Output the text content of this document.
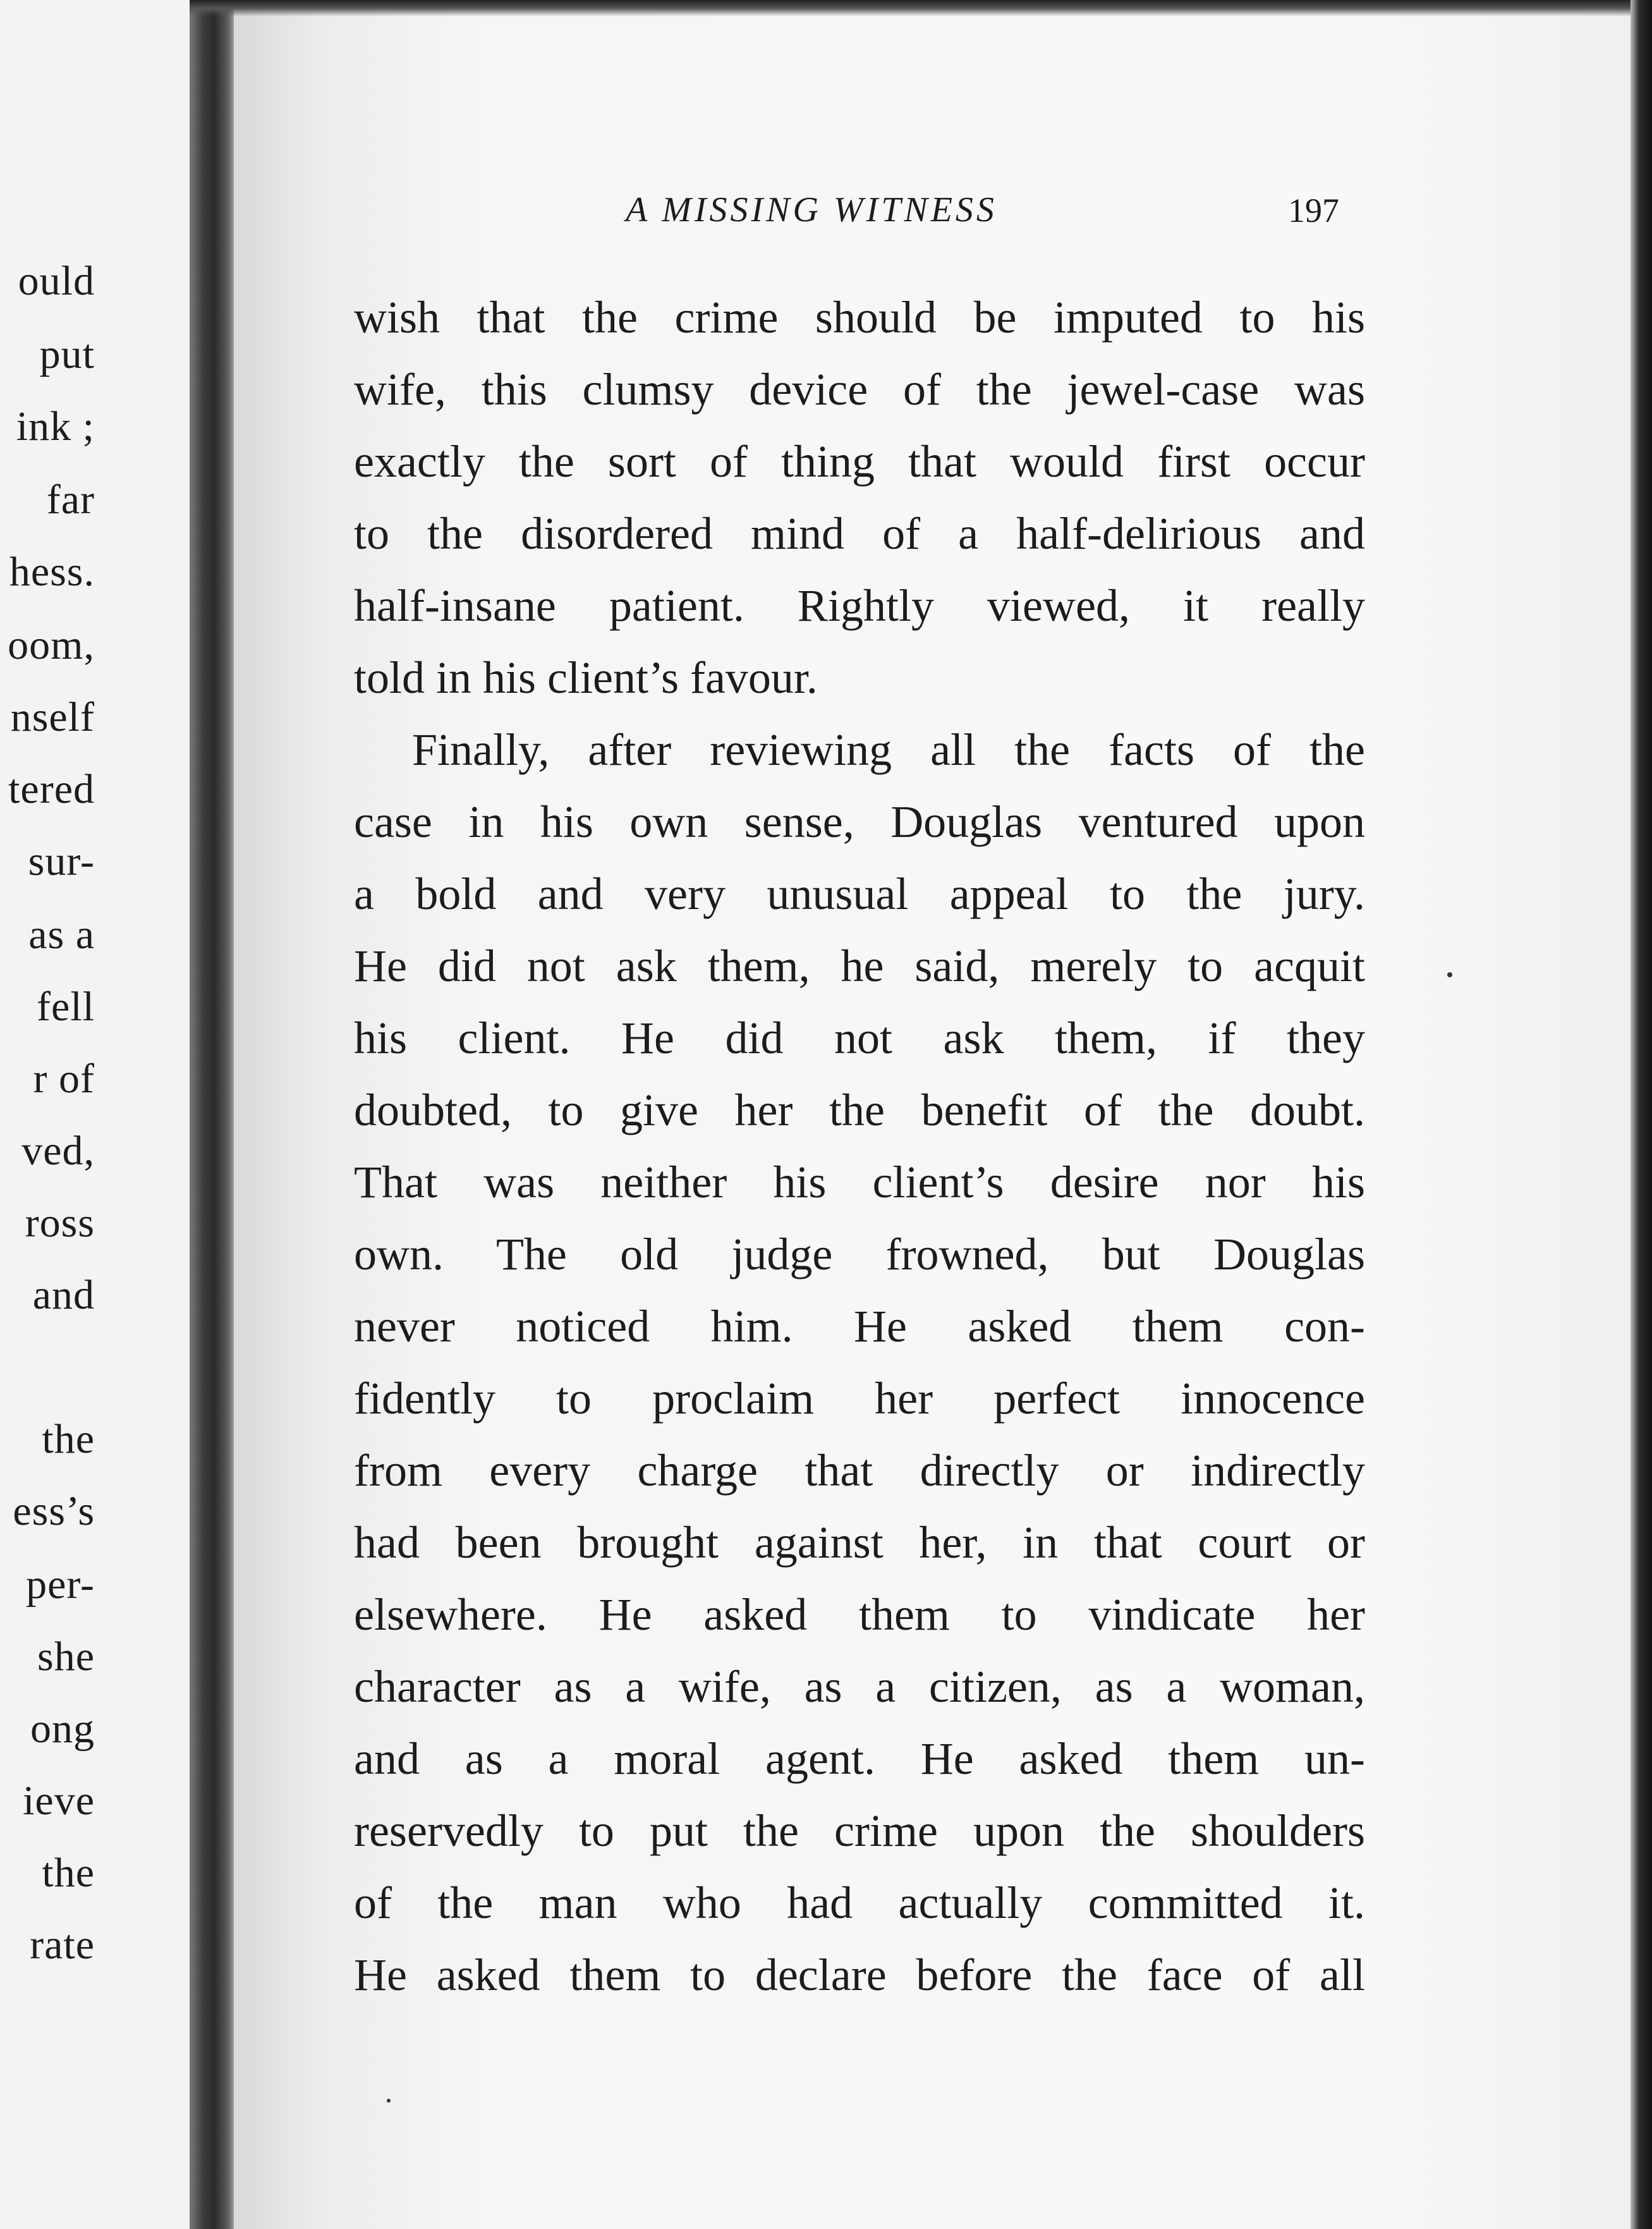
ould
put
ink ;
far
hess.
oom,
nself
tered
sur-
as a
fell
r of
ved,
ross
and
the
ess’s
per-
she
ong
ieve
the
rate
A MISSING WITNESS	197
wish that the crime should be imputed to his
wife, this clumsy device of the jewel-case was
exactly the sort of thing that would first occur
to the disordered mind of a half-delirious and
half-insane patient. Rightly viewed, it really
told in his client’s favour.
Finally, after reviewing all the facts of the
case in his own sense, Douglas ventured upon
a bold and very unusual appeal to the jury.
He did not ask them, he said, merely to acquit
his client. He did not ask them, if they
doubted, to give her the benefit of the doubt.
That was neither his client’s desire nor his
own. The old judge frowned, but Douglas
never noticed him. He asked them con-
fidently to proclaim her perfect innocence
from every charge that directly or indirectly
had been brought against her, in that court or
elsewhere. He asked them to vindicate her
character as a wife, as a citizen, as a woman,
and as a moral agent. He asked them un-
reservedly to put the crime upon the shoulders
of the man who had actually committed it.
He asked them to declare before the face of all
